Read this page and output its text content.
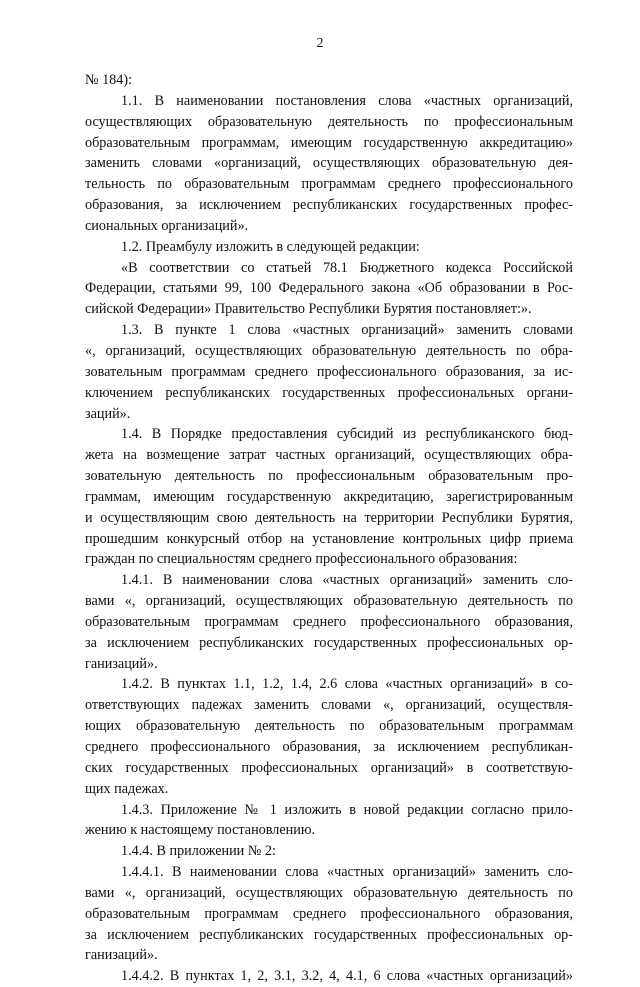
2
№ 184):
1.1. В наименовании постановления слова «частных организаций,
осуществляющих образовательную деятельность по профессиональным
образовательным программам, имеющим государственную аккредитацию»
заменить словами «организаций, осуществляющих образовательную дея-
тельность по образовательным программам среднего профессионального
образования, за исключением республиканских государственных профес-
сиональных организаций».
1.2. Преамбулу изложить в следующей редакции:
«В соответствии со статьей 78.1 Бюджетного кодекса Российской
Федерации, статьями 99, 100 Федерального закона «Об образовании в Рос-
сийской Федерации» Правительство Республики Бурятия постановляет:».
1.3. В пункте 1 слова «частных организаций» заменить словами
«, организаций, осуществляющих образовательную деятельность по обра-
зовательным программам среднего профессионального образования, за ис-
ключением республиканских государственных профессиональных органи-
заций».
1.4. В Порядке предоставления субсидий из республиканского бюд-
жета на возмещение затрат частных организаций, осуществляющих обра-
зовательную деятельность по профессиональным образовательным про-
граммам, имеющим государственную аккредитацию, зарегистрированным
и осуществляющим свою деятельность на территории Республики Бурятия,
прошедшим конкурсный отбор на установление контрольных цифр приема
граждан по специальностям среднего профессионального образования:
1.4.1. В наименовании слова «частных организаций» заменить сло-
вами «, организаций, осуществляющих образовательную деятельность по
образовательным программам среднего профессионального образования,
за исключением республиканских государственных профессиональных ор-
ганизаций».
1.4.2. В пунктах 1.1, 1.2, 1.4, 2.6 слова «частных организаций» в со-
ответствующих падежах заменить словами «, организаций, осуществля-
ющих образовательную деятельность по образовательным программам
среднего профессионального образования, за исключением республикан-
ских государственных профессиональных организаций» в соответствую-
щих падежах.
1.4.3. Приложение № 1 изложить в новой редакции согласно прило-
жению к настоящему постановлению.
1.4.4. В приложении № 2:
1.4.4.1. В наименовании слова «частных организаций» заменить сло-
вами «, организаций, осуществляющих образовательную деятельность по
образовательным программам среднего профессионального образования,
за исключением республиканских государственных профессиональных ор-
ганизаций».
1.4.4.2. В пунктах 1, 2, 3.1, 3.2, 4, 4.1, 6 слова «частных организаций»
